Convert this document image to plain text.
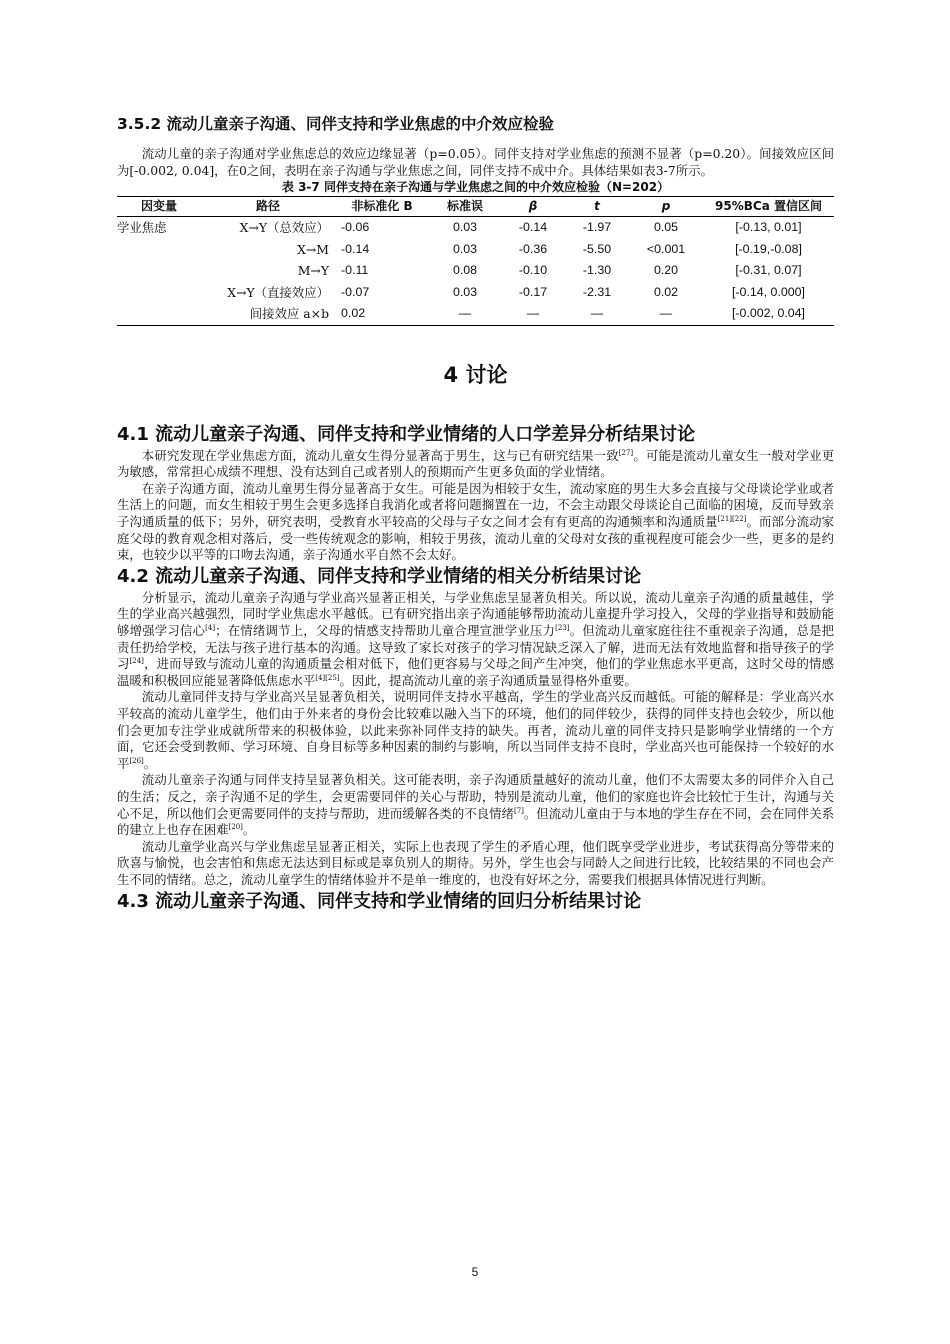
3.5.2 流动儿童亲子沟通、同伴支持和学业焦虑的中介效应检验

流动儿童的亲子沟通对学业焦虑总的效应边缘显著（p=0.05）。同伴支持对学业焦虑的预测不显著（p=0.20）。间接效应区间为[-0.002, 0.04]，在0之间，表明在亲子沟通与学业焦虑之间，同伴支持不成中介。具体结果如表3-7所示。

表 3-7 同伴支持在亲子沟通与学业焦虑之间的中介效应检验（N=202）
因变量	路径	非标准化 B	标准误	β	t	p	95%BCa 置信区间
学业焦虑	X→Y（总效应）	-0.06	0.03	-0.14	-1.97	0.05	[-0.13, 0.01]
	X→M	-0.14	0.03	-0.36	-5.50	<0.001	[-0.19,-0.08]
	M→Y	-0.11	0.08	-0.10	-1.30	0.20	[-0.31, 0.07]
	X→Y（直接效应）	-0.07	0.03	-0.17	-2.31	0.02	[-0.14, 0.000]
	间接效应 a×b	0.02	—	—	—	—	[-0.002, 0.04]
4 讨论
4.1 流动儿童亲子沟通、同伴支持和学业情绪的人口学差异分析结果讨论

本研究发现在学业焦虑方面，流动儿童女生得分显著高于男生，这与已有研究结果一致[27]。可能是流动儿童女生一般对学业更为敏感，常常担心成绩不理想、没有达到自己或者别人的预期而产生更多负面的学业情绪。

在亲子沟通方面，流动儿童男生得分显著高于女生。可能是因为相较于女生，流动家庭的男生大多会直接与父母谈论学业或者生活上的问题，而女生相较于男生会更多选择自我消化或者将问题搁置在一边，不会主动跟父母谈论自己面临的困境，反而导致亲子沟通质量的低下；另外，研究表明，受教育水平较高的父母与子女之间才会有有更高的沟通频率和沟通质量[21][22]。而部分流动家庭父母的教育观念相对落后，受一些传统观念的影响，相较于男孩，流动儿童的父母对女孩的重视程度可能会少一些，更多的是约束，也较少以平等的口吻去沟通，亲子沟通水平自然不会太好。

4.2 流动儿童亲子沟通、同伴支持和学业情绪的相关分析结果讨论

分析显示，流动儿童亲子沟通与学业高兴显著正相关，与学业焦虑呈显著负相关。所以说，流动儿童亲子沟通的质量越佳，学生的学业高兴越强烈，同时学业焦虑水平越低。已有研究指出亲子沟通能够帮助流动儿童提升学习投入，父母的学业指导和鼓励能够增强学习信心[4]；在情绪调节上，父母的情感支持帮助儿童合理宣泄学业压力[23]。但流动儿童家庭往往不重视亲子沟通，总是把责任扔给学校，无法与孩子进行基本的沟通。这导致了家长对孩子的学习情况缺乏深入了解，进而无法有效地监督和指导孩子的学习[24]，进而导致与流动儿童的沟通质量会相对低下，他们更容易与父母之间产生冲突，他们的学业焦虑水平更高，这时父母的情感温暖和积极回应能显著降低焦虑水平[4][25]。因此，提高流动儿童的亲子沟通质量显得格外重要。

流动儿童同伴支持与学业高兴呈显著负相关，说明同伴支持水平越高，学生的学业高兴反而越低。可能的解释是：学业高兴水平较高的流动儿童学生，他们由于外来者的身份会比较难以融入当下的环境，他们的同伴较少，获得的同伴支持也会较少，所以他们会更加专注学业成就所带来的积极体验，以此来弥补同伴支持的缺失。再者，流动儿童的同伴支持只是影响学业情绪的一个方面，它还会受到教师、学习环境、自身目标等多种因素的制约与影响，所以当同伴支持不良时，学业高兴也可能保持一个较好的水平[26]。

流动儿童亲子沟通与同伴支持呈显著负相关。这可能表明，亲子沟通质量越好的流动儿童，他们不太需要太多的同伴介入自己的生活；反之，亲子沟通不足的学生，会更需要同伴的关心与帮助，特别是流动儿童，他们的家庭也许会比较忙于生计，沟通与关心不足，所以他们会更需要同伴的支持与帮助，进而缓解各类的不良情绪[7]。但流动儿童由于与本地的学生存在不同，会在同伴关系的建立上也存在困难[20]。

流动儿童学业高兴与学业焦虑呈显著正相关，实际上也表现了学生的矛盾心理，他们既享受学业进步，考试获得高分等带来的欣喜与愉悦，也会害怕和焦虑无法达到目标或是辜负别人的期待。另外，学生也会与同龄人之间进行比较，比较结果的不同也会产生不同的情绪。总之，流动儿童学生的情绪体验并不是单一维度的，也没有好坏之分，需要我们根据具体情况进行判断。

4.3 流动儿童亲子沟通、同伴支持和学业情绪的回归分析结果讨论
5
